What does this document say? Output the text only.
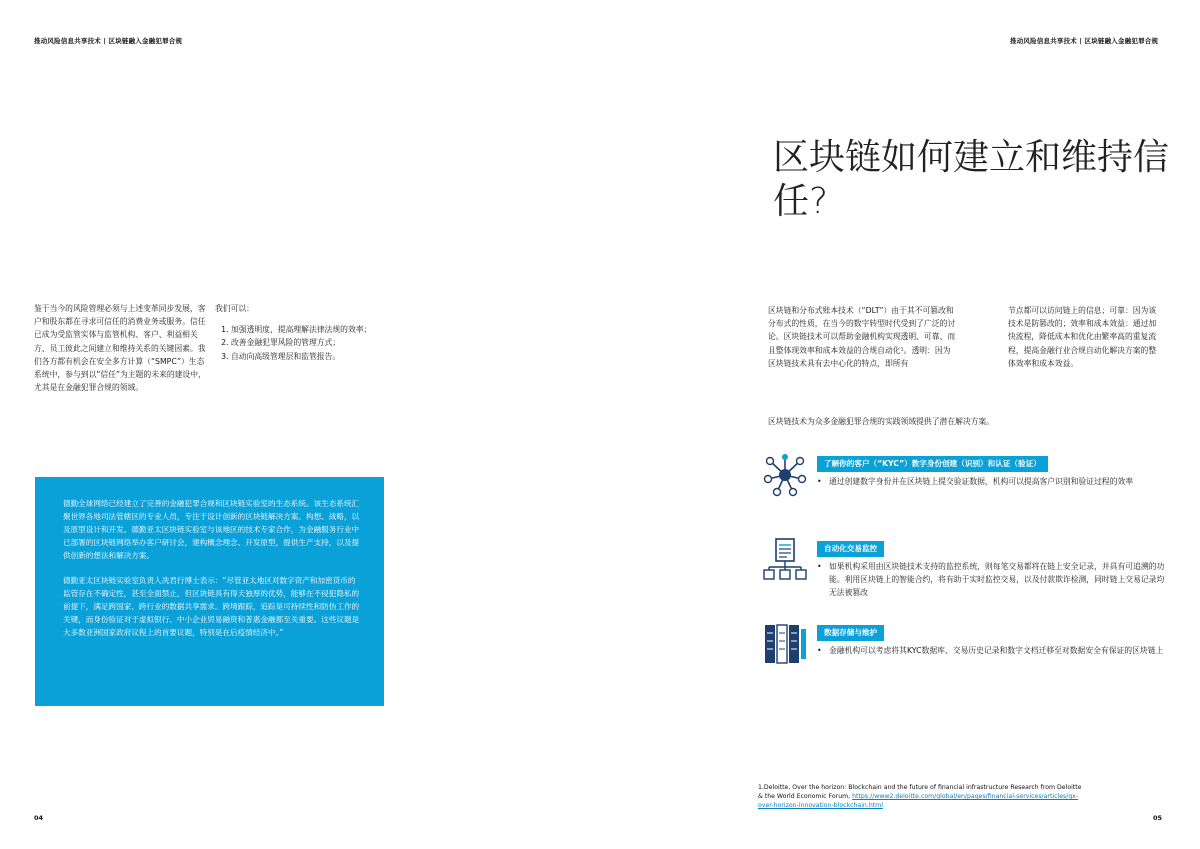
推动风险信息共享技术 | 区块链融入金融犯罪合规
鉴于当今的风险管理必须与上述变革同步发展，客户和股东都在寻求可信任的消费业务或服务。信任已成为受监管实体与监管机构、客户、利益相关方、员工彼此之间建立和维持关系的关键因素。我们各方都有机会在安全多方计算（“SMPC”）生态系统中，参与到以“信任”为主题的未来的建设中，尤其是在金融犯罪合规的领域。
我们可以：
1. 加强透明度，提高理解法律法规的效率；
2. 改善金融犯罪风险的管理方式；
3. 自动向高级管理层和监管报告。

德勤全球网络已经建立了完善的金融犯罪合规和区块链实验室的生态系统。该生态系统汇聚世界各地司法管辖区的专业人员，专注于设计创新的区块链解决方案、构想、战略，以及原型设计和开发。德勤亚太区块链实验室与该地区的技术专家合作，为金融服务行业中已部署的区块链网络举办客户研讨会，建构概念理念、开发原型，提供生产支持，以及提供创新的想法和解决方案。

德勤亚太区块链实验室负责人冼君行博士表示：“尽管亚太地区对数字资产和加密货币的监管存在不确定性，甚至全面禁止，但区块链具有得天独厚的优势，能够在不侵犯隐私的前提下，满足跨国家、跨行业的数据共享需求。跨境跟踪，追踪是可持续性和防伪工作的关键，而身份验证对于虚拟银行、中小企业贸易融资和普惠金融都至关重要。这些议题是大多数亚洲国家政府议程上的首要议题，特别是在后疫情经济中。”

04
推动风险信息共享技术 | 区块链融入金融犯罪合规
区块链如何建立和维持信任?
区块链和分布式账本技术（“DLT”）由于其不可篡改和分布式的性质，在当今的数字转型时代受到了广泛的讨论。区块链技术可以帮助金融机构实现透明、可靠、而且整体现效率和成本效益的合规自动化¹。透明：因为区块链技术具有去中心化的特点，即所有
节点都可以访问链上的信息；可靠：因为该技术是防篡改的；效率和成本效益：通过加快流程，降低成本和优化由繁率高的重复流程，提高金融行业合规自动化解决方案的整体效率和成本效益。
区块链技术为众多金融犯罪合规的实践领域提供了潜在解决方案。
了解你的客户（“KYC”）数字身份创建（识别）和认证（验证）
• 通过创建数字身份并在区块链上提交验证数据，机构可以提高客户识别和验证过程的效率
自动化交易监控
• 如果机构采用由区块链技术支持的监控系统，则每笔交易都将在链上安全记录，并具有可追溯的功能。利用区块链上的智能合约，将有助于实时监控交易，以及付款欺诈检测，同时链上交易记录均无法被篡改
数据存储与维护
• 金融机构可以考虑将其KYC数据库、交易历史记录和数字文档迁移至对数据安全有保证的区块链上
1.Deloitte, Over the horizon: Blockchain and the future of financial infrastructure Research from Deloitte & the World Economic Forum, https://www2.deloitte.com/global/en/pages/financial-services/articles/gx-over-horizon-innovation-blockchain.html
05
